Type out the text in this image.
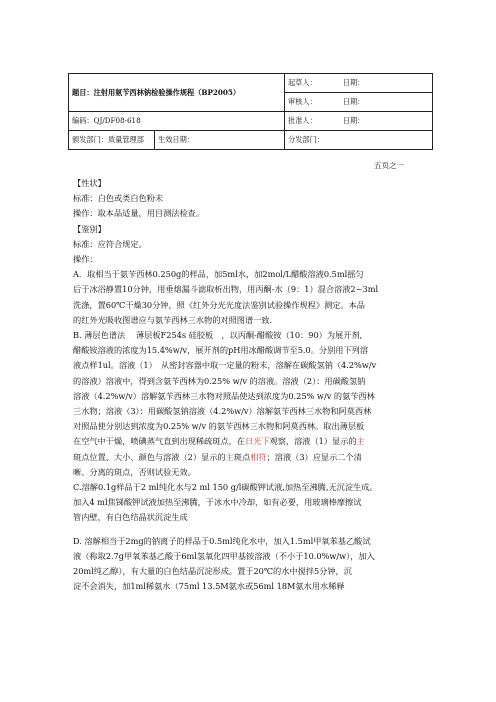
题目：注射用氨苄西林钠检验操作规程（BP2005）		起草人： 日期：
		审核人： 日期：
编码：QJ/DF08·618		批准人： 日期：
颁发部门：质量管理部	生效日期：	分发部门：
五页之一

【性状】

标准：白色或类白色粉末

操作：取本品适量，用目测法检查。

【鉴别】

标准：应符合规定。

操作：

A．取相当于氨苄西林0.250g的样品，加5ml水，加2mol/L醋酸溶液0.5ml摇匀

后于冰浴静置10分钟，用垂熔漏斗滤取析出物，用丙酮-水（9：1）混合溶液2~3ml

洗涤，置60℃干燥30分钟，照《红外分光光度法鉴别试验操作规程》测定。本品

的红外光吸收图谱应与氨苄西林三水物的对照图谱一致.

B. 薄层色谱法　 薄层板F254s 硅胶板　，以丙酮-醋酸铵（10：90）为展开剂,

醋酸铵溶液的浓度为15.4%w/v，展开剂的pH用冰醋酸调节至5.0。分别用下列溶

液点样1ul。溶液（1）　从密封容器中取一定量的粉末，溶解在碳酸氢钠（4.2%w/v

的溶液）溶液中，得到含氨苄西林为0.25% w/v 的溶液。溶液（2）：用碳酸氢钠

溶液（4.2%w/v）溶解氨苄西林三水物对照品使达到浓度为0.25% w/v 的氨苄西林

三水物；溶液（3）：用碳酸氢钠溶液（4.2%w/v）溶解氨苄西林三水物和阿莫西林

对照品使分别达到浓度为0.25% w/v 的氨苄西林三水物和阿莫西林。取出薄层板

在空气中干燥，喷碘蒸气直到出现稀疏斑点，在日光下观察，溶液（1）显示的主

斑点位置、大小、颜色与溶液（2）显示的主斑点相符；溶液（3）应显示二个清

晰、分离的斑点，否则试验无效。

C.溶解0.1g样品于2 ml纯化水与2 ml 150 g/l碳酸钾试液,加热至沸腾,无沉淀生成。

加入4 ml焦锑酸钾试液加热至沸腾，于冰水中冷却，如有必要，用玻璃棒摩擦试

管内壁，有白色结晶状沉淀生成

D. 溶解相当于2mg的钠离子的样品于0.5ml纯化水中，加入1.5ml甲氧苯基乙酸试

液（称取2.7g甲氧苯基乙酸于6ml氢氧化四甲基铵溶液（不小于10.0%w/w），加入

20ml纯乙醇），有大量的白色结晶沉淀形成。置于20℃的水中搅拌5分钟，沉

淀不会消失，加1ml稀氨水（75ml 13.5M氨水或56ml 18M氨水用水稀释
